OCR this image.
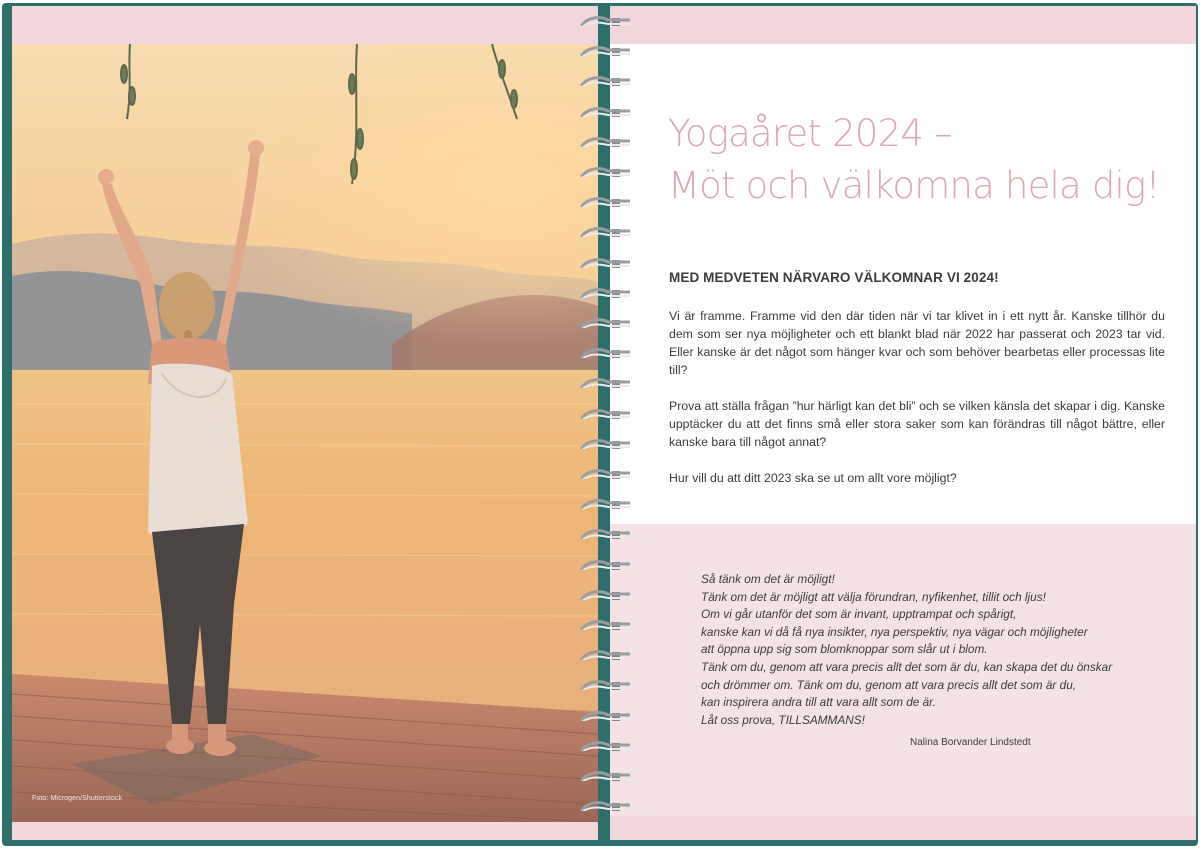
Foto: Microgen/Shutterstock
Yogaåret 2024 –
Möt och välkomna hela dig!
MED MEDVETEN NÄRVARO VÄLKOMNAR VI 2024!

Vi är framme. Framme vid den där tiden när vi tar klivet in i ett nytt år. Kanske tillhör du dem som ser nya möjligheter och ett blankt blad när 2022 har passerat och 2023 tar vid. Eller kanske är det något som hänger kvar och som behöver bearbetas eller processas lite till?

Prova att ställa frågan ”hur härligt kan det bli” och se vilken känsla det skapar i dig. Kanske upptäcker du att det finns små eller stora saker som kan förändras till något bättre, eller kanske bara till något annat?

Hur vill du att ditt 2023 ska se ut om allt vore möjligt?

Så tänk om det är möjligt!
Tänk om det är möjligt att välja förundran, nyfikenhet, tillit och ljus!
Om vi går utanför det som är invant, upptrampat och spårigt,
kanske kan vi då få nya insikter, nya perspektiv, nya vägar och möjligheter
att öppna upp sig som blomknoppar som slår ut i blom.
Tänk om du, genom att vara precis allt det som är du, kan skapa det du önskar
och drömmer om. Tänk om du, genom att vara precis allt det som är du,
kan inspirera andra till att vara allt som de är.
Låt oss prova, TILLSAMMANS!
Nalina Borvander Lindstedt
